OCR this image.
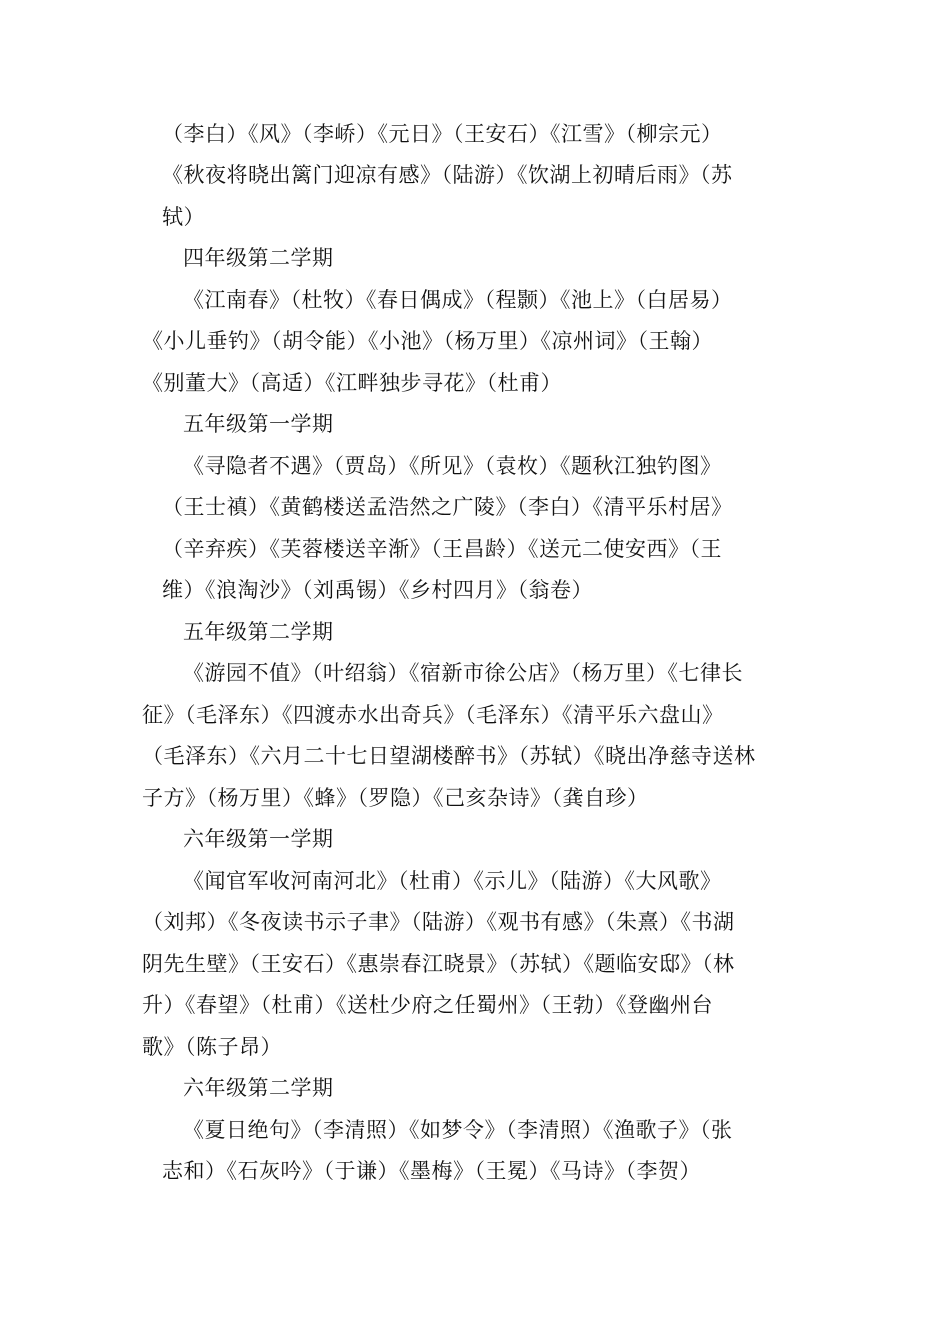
（李白）《风》（李峤）《元日》（王安石）《江雪》（柳宗元）
《秋夜将晓出篱门迎凉有感》（陆游）《饮湖上初晴后雨》（苏
轼）
四年级第二学期
《江南春》（杜牧）《春日偶成》（程颢）《池上》（白居易）
《小儿垂钓》（胡令能）《小池》（杨万里）《凉州词》（王翰）
《别董大》（高适）《江畔独步寻花》（杜甫）
五年级第一学期
《寻隐者不遇》（贾岛）《所见》（袁枚）《题秋江独钓图》
（王士禛）《黄鹤楼送孟浩然之广陵》（李白）《清平乐村居》
（辛弃疾）《芙蓉楼送辛渐》（王昌龄）《送元二使安西》（王
维）《浪淘沙》（刘禹锡）《乡村四月》（翁卷）
五年级第二学期
《游园不值》（叶绍翁）《宿新市徐公店》（杨万里）《七律长
征》（毛泽东）《四渡赤水出奇兵》（毛泽东）《清平乐六盘山》
（毛泽东）《六月二十七日望湖楼醉书》（苏轼）《晓出净慈寺送林
子方》（杨万里）《蜂》（罗隐）《己亥杂诗》（龚自珍）
六年级第一学期
《闻官军收河南河北》（杜甫）《示儿》（陆游）《大风歌》
（刘邦）《冬夜读书示子聿》（陆游）《观书有感》（朱熹）《书湖
阴先生壁》（王安石）《惠崇春江晓景》（苏轼）《题临安邸》（林
升）《春望》（杜甫）《送杜少府之任蜀州》（王勃）《登幽州台
歌》（陈子昂）
六年级第二学期
《夏日绝句》（李清照）《如梦令》（李清照）《渔歌子》（张
志和）《石灰吟》（于谦）《墨梅》（王冕）《马诗》（李贺）
